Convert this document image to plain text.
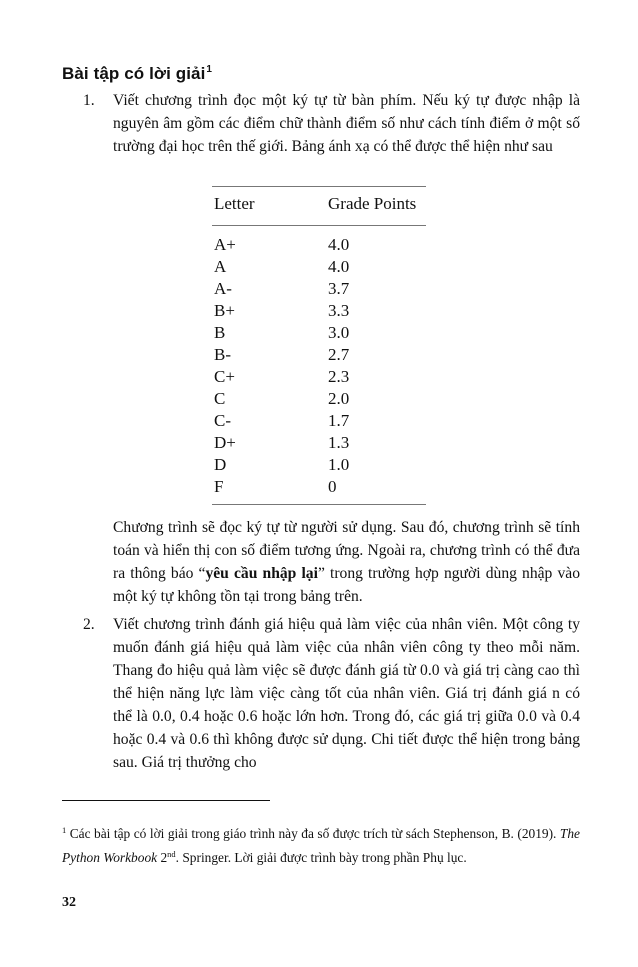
Bài tập có lời giải$^1$
1. Viết chương trình đọc một ký tự từ bàn phím. Nếu ký tự được nhập là nguyên âm gồm các điểm chữ thành điểm số như cách tính điểm ở một số trường đại học trên thế giới. Bảng ánh xạ có thể được thể hiện như sau
Letter	Grade Points
A+	4.0
A	4.0
A-	3.7
B+	3.3
B	3.0
B-	2.7
C+	2.3
C	2.0
C-	1.7
D+	1.3
D	1.0
F	0
Chương trình sẽ đọc ký tự từ người sử dụng. Sau đó, chương trình sẽ tính toán và hiển thị con số điểm tương ứng. Ngoài ra, chương trình có thể đưa ra thông báo “yêu cầu nhập lại” trong trường hợp người dùng nhập vào một ký tự không tồn tại trong bảng trên.
2. Viết chương trình đánh giá hiệu quả làm việc của nhân viên. Một công ty muốn đánh giá hiệu quả làm việc của nhân viên công ty theo mỗi năm. Thang đo hiệu quả làm việc sẽ được đánh giá từ 0.0 và giá trị càng cao thì thể hiện năng lực làm việc càng tốt của nhân viên. Giá trị đánh giá n có thể là 0.0, 0.4 hoặc 0.6 hoặc lớn hơn. Trong đó, các giá trị giữa 0.0 và 0.4 hoặc 0.4 và 0.6 thì không được sử dụng. Chi tiết được thể hiện trong bảng sau. Giá trị thưởng cho
$^1$ Các bài tập có lời giải trong giáo trình này đa số được trích từ sách Stephenson, B. (2019). The Python Workbook 2nd. Springer. Lời giải được trình bày trong phần Phụ lục.
32
